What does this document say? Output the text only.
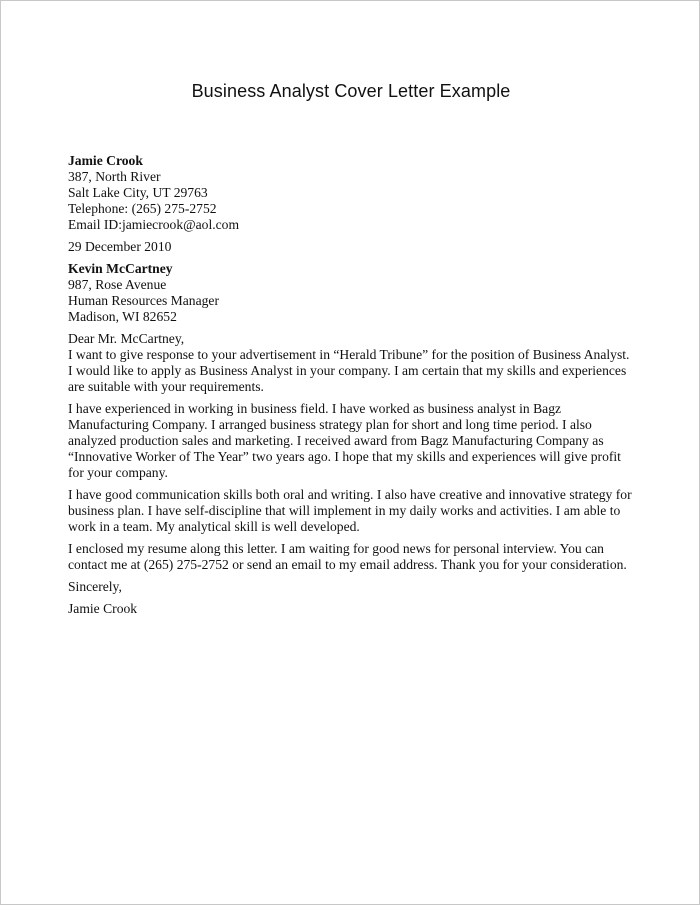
Business Analyst Cover Letter Example
Jamie Crook
387, North River
Salt Lake City, UT 29763
Telephone: (265) 275-2752
Email ID:jamiecrook@aol.com
29 December 2010
Kevin McCartney
987, Rose Avenue
Human Resources Manager
Madison, WI 82652
Dear Mr. McCartney,
I want to give response to your advertisement in “Herald Tribune” for the position of Business Analyst.
I would like to apply as Business Analyst in your company. I am certain that my skills and experiences
are suitable with your requirements.
I have experienced in working in business field. I have worked as business analyst in Bagz
Manufacturing Company. I arranged business strategy plan for short and long time period. I also
analyzed production sales and marketing. I received award from Bagz Manufacturing Company as
“Innovative Worker of The Year” two years ago. I hope that my skills and experiences will give profit
for your company.
I have good communication skills both oral and writing. I also have creative and innovative strategy for
business plan. I have self-discipline that will implement in my daily works and activities. I am able to
work in a team. My analytical skill is well developed.
I enclosed my resume along this letter. I am waiting for good news for personal interview. You can
contact me at (265) 275-2752 or send an email to my email address. Thank you for your consideration.
Sincerely,
Jamie Crook
